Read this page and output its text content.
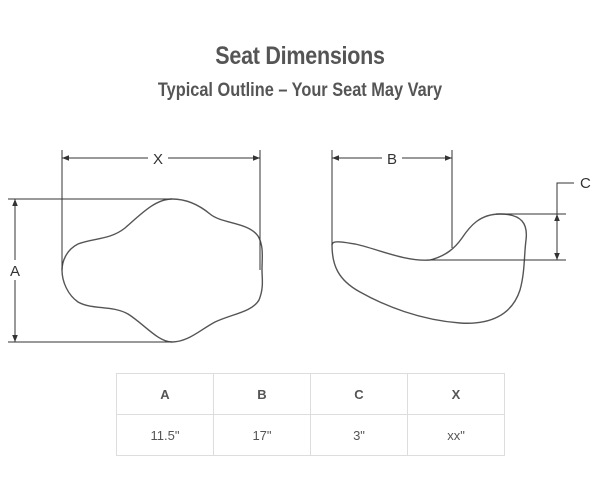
Seat Dimensions
Typical Outline – Your Seat May Vary
X
A
B
C
A	B	C	X
11.5"	17"	3"	xx"
